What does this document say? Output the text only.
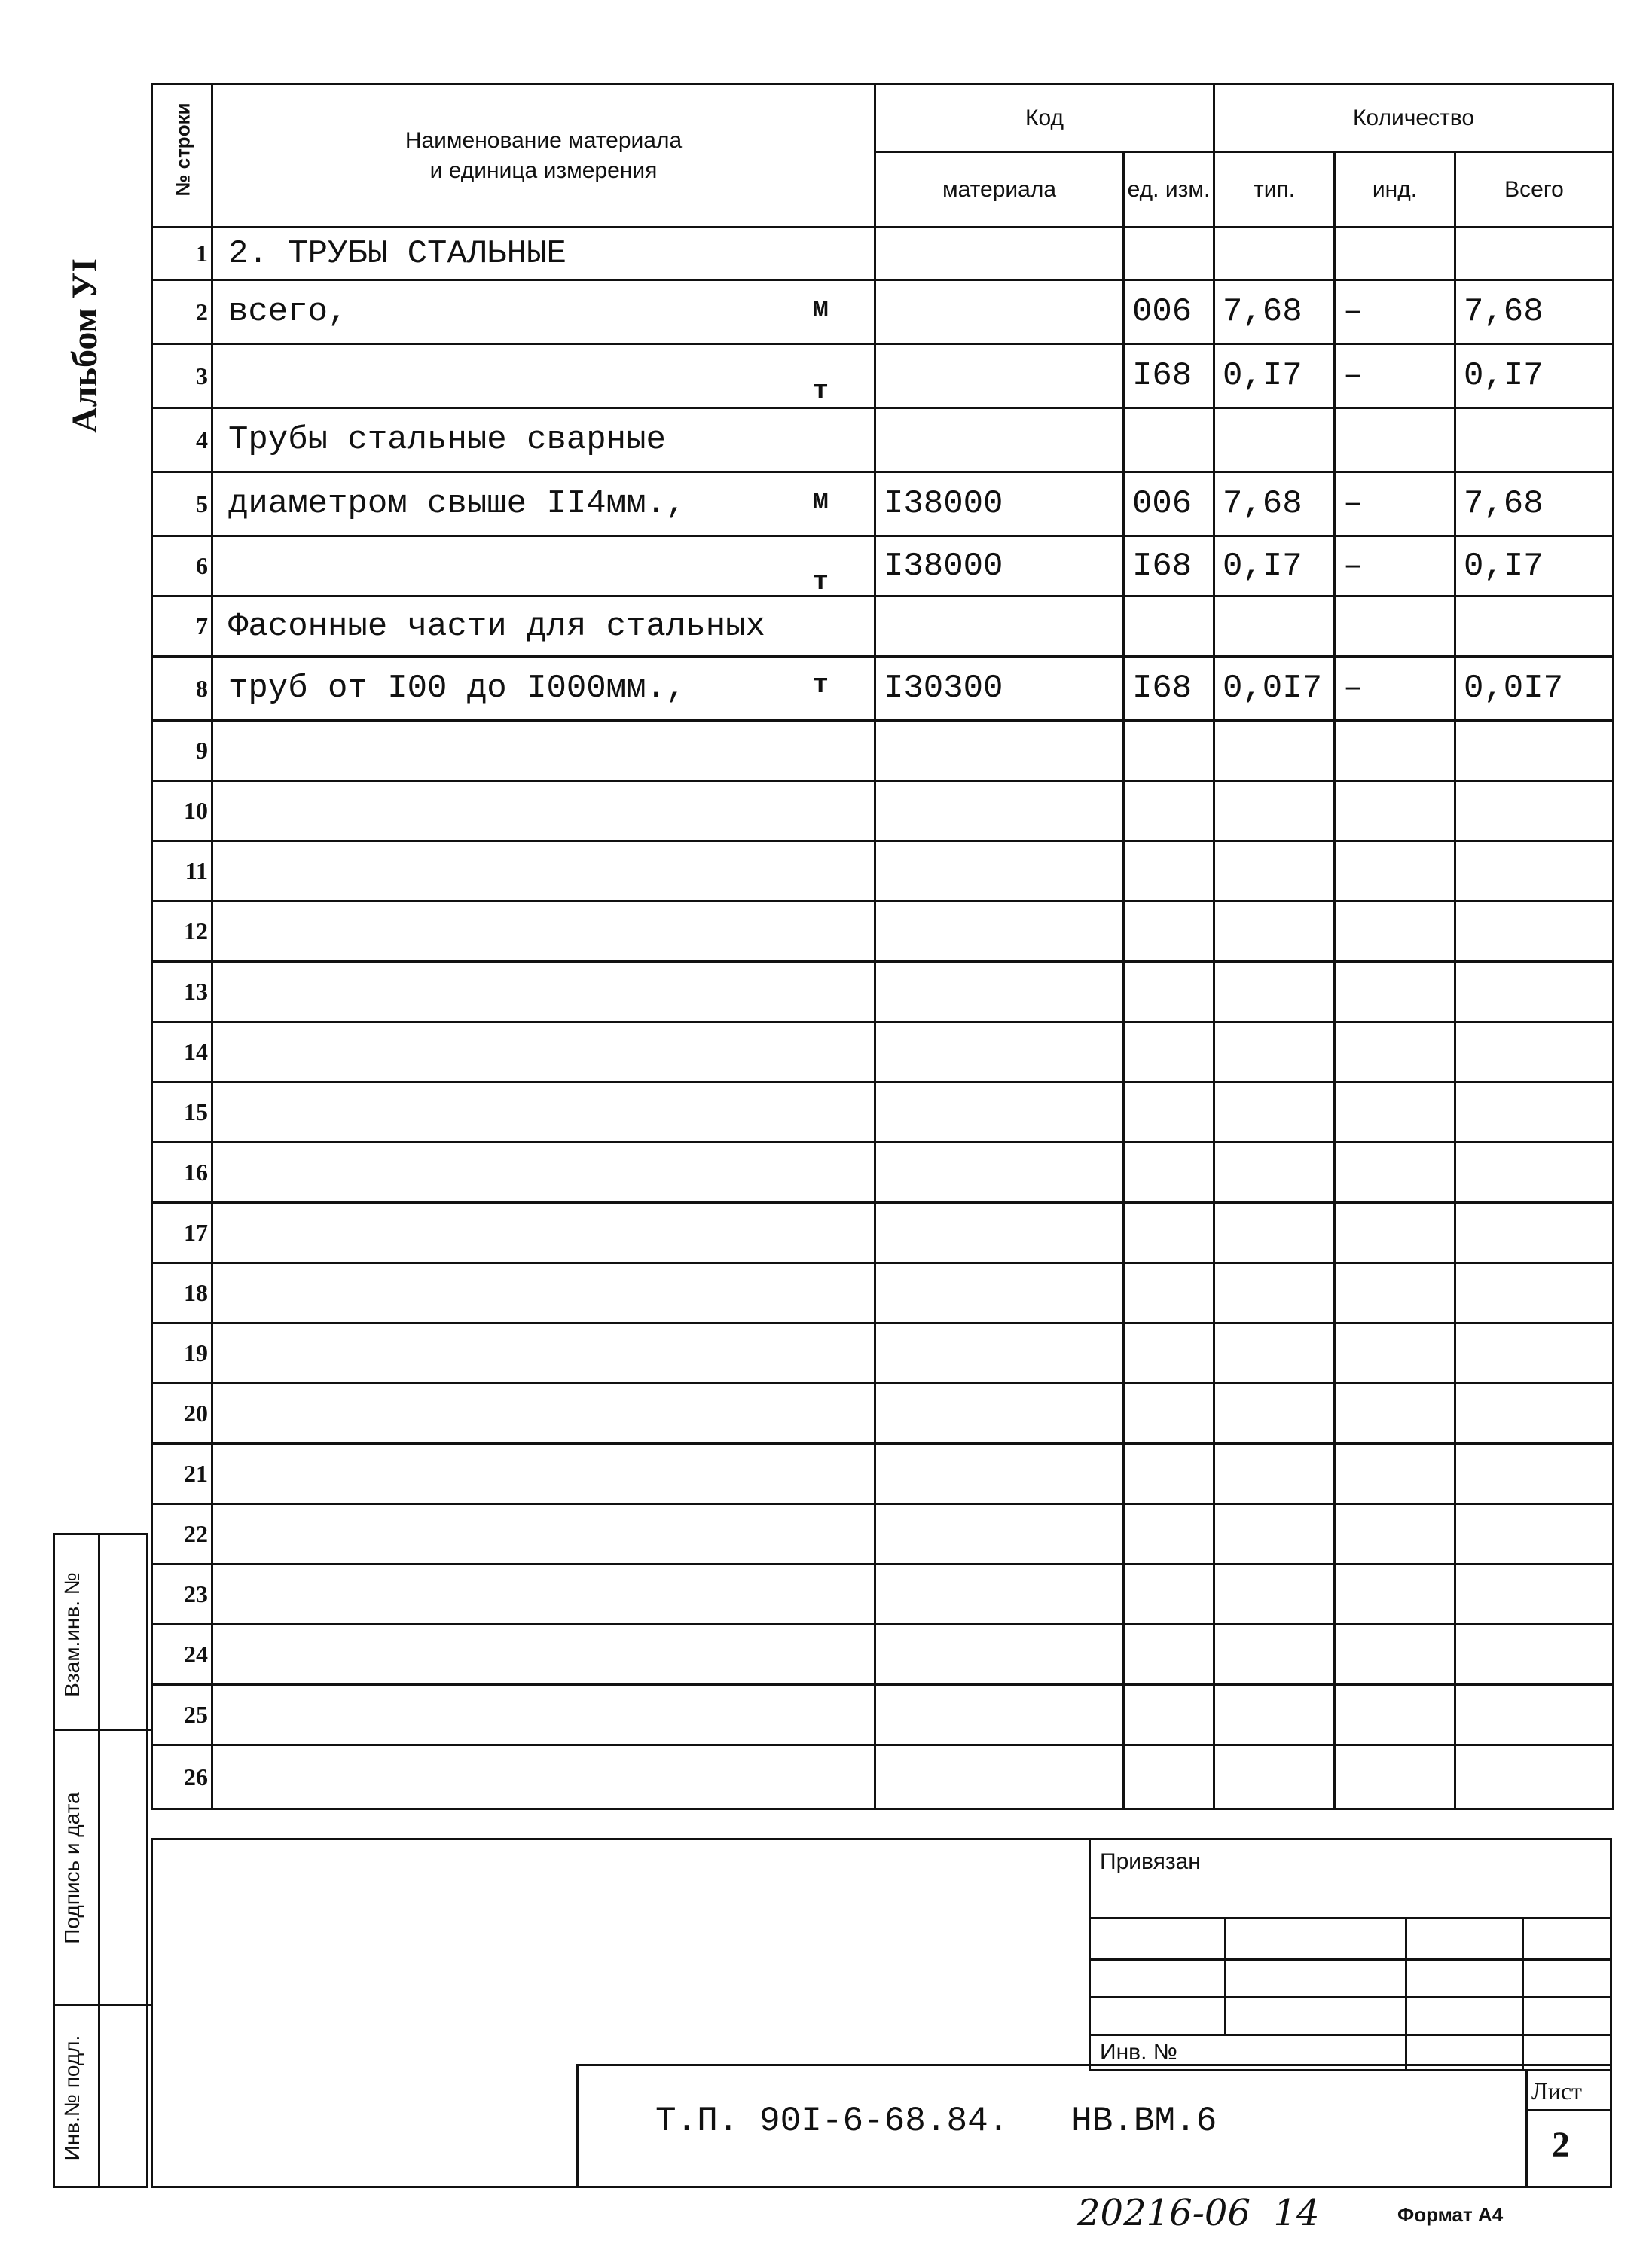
Альбом УI
№ строки	Наименование материала
и единица измерения	Код		Количество		
		материала	ед. изм.	тип.	инд.	Всего
1	2. ТРУБЫ СТАЛЬНЫЕ					
2	всего, м		006	7,68	–	7,68
3	т		I68	0,I7	–	0,I7
4	Трубы стальные сварные					
5	диаметром свыше II4мм., м	I38000	006	7,68	–	7,68
6	т	I38000	I68	0,I7	–	0,I7
7	Фасонные части для стальных					
8	труб от I00 до I000мм., т	I30300	I68	0,0I7	–	0,0I7
9						
10						
11						
12						
13						
14						
15						
16						
17						
18						
19						
20						
21						
22						
23						
24						
25						
26						
Взам.инв. №
Подпись и дата
Инв.№ подл.
Привязан
Инв. №
Т.П. 90I-6-68.84.   НВ.ВМ.6
Лист
2
20216-06  14	Формат А4
